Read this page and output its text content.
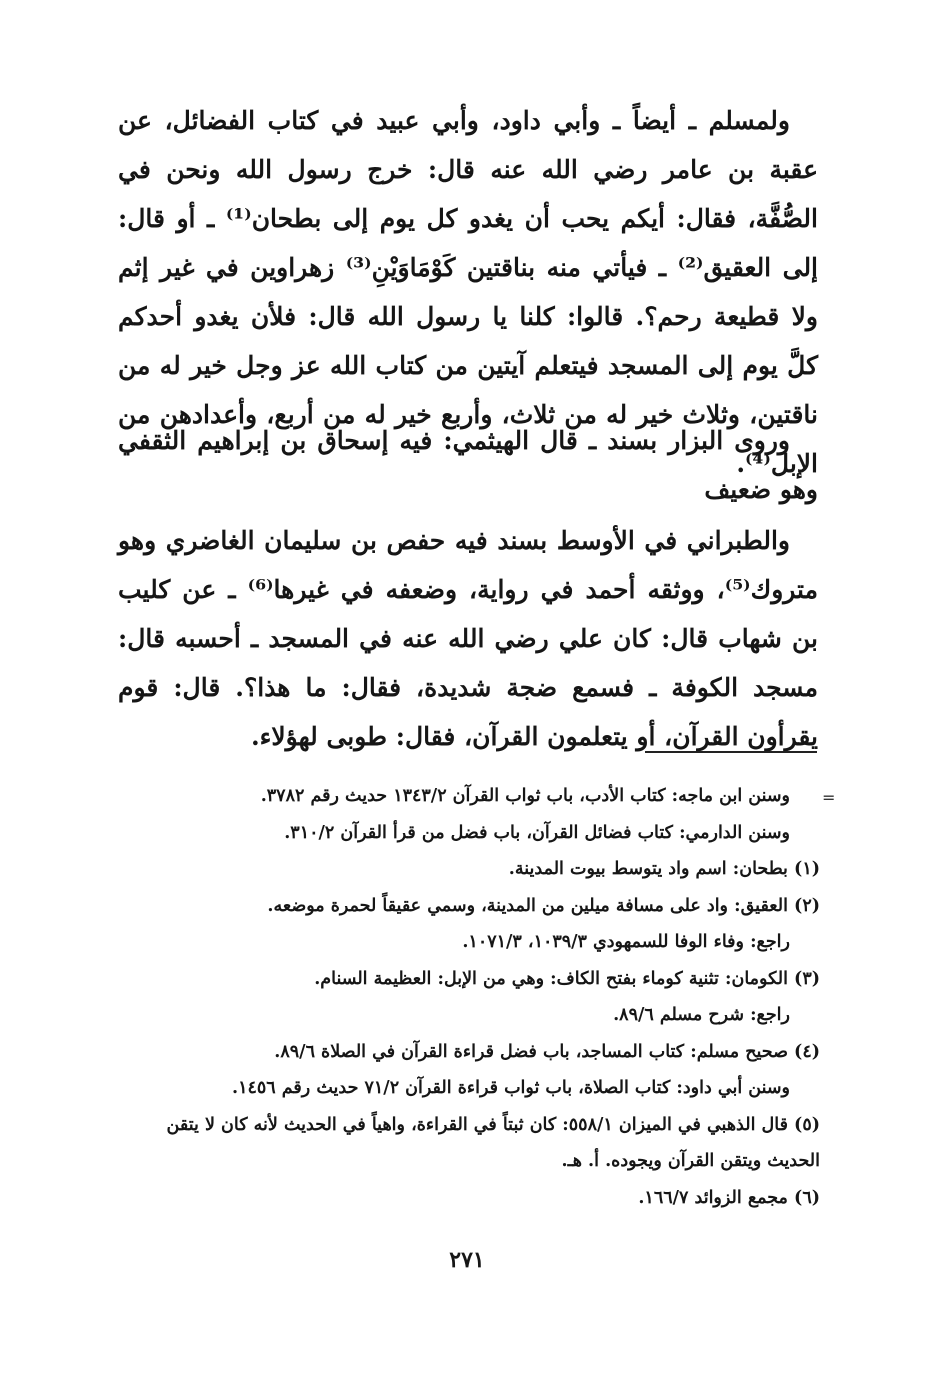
ولمسلم ـ أيضاً ـ وأبي داود، وأبي عبيد في كتاب الفضائل، عن عقبة بن عامر رضي الله عنه قال: خرج رسول الله ونحن في الصُّفَّة، فقال: أيكم يحب أن يغدو كل يوم إلى بطحان⁽¹⁾ ـ أو قال: إلى العقيق⁽²⁾ ـ فيأتي منه بناقتين كَوْمَاوَيْنِ⁽³⁾ زهراوين في غير إثم ولا قطيعة رحم؟. قالوا: كلنا يا رسول الله قال: فلأن يغدو أحدكم كلَّ يوم إلى المسجد فيتعلم آيتين من كتاب الله عز وجل خير له من ناقتين، وثلاث خير له من ثلاث، وأربع خير له من أربع، وأعدادهن من الإبل⁽⁴⁾.

وروى البزار بسند ـ قال الهيثمي: فيه إسحاق بن إبراهيم الثقفي وهو ضعيف

والطبراني في الأوسط بسند فيه حفص بن سليمان الغاضري وهو متروك⁽⁵⁾، ووثقه أحمد في رواية، وضعفه في غيرها⁽⁶⁾ ـ عن كليب بن شهاب قال: كان علي رضي الله عنه في المسجد ـ أحسبه قال: مسجد الكوفة ـ فسمع ضجة شديدة، فقال: ما هذا؟. قال: قوم يقرأون القرآن، أو يتعلمون القرآن، فقال: طوبى لهؤلاء.

=
وسنن ابن ماجه: كتاب الأدب، باب ثواب القرآن ١٣٤٣/٢ حديث رقم ٣٧٨٢.
وسنن الدارمي: كتاب فضائل القرآن، باب فضل من قرأ القرآن ٣١٠/٢.
(١) بطحان: اسم واد يتوسط بيوت المدينة.
(٢) العقيق: واد على مسافة ميلين من المدينة، وسمي عقيقاً لحمرة موضعه.
راجع: وفاء الوفا للسمهودي ١٠٣٩/٣، ١٠٧١/٣.
(٣) الكومان: تثنية كوماء بفتح الكاف: وهي من الإبل: العظيمة السنام.
راجع: شرح مسلم ٨٩/٦.
(٤) صحيح مسلم: كتاب المساجد، باب فضل قراءة القرآن في الصلاة ٨٩/٦.
وسنن أبي داود: كتاب الصلاة، باب ثواب قراءة القرآن ٧١/٢ حديث رقم ١٤٥٦.
(٥) قال الذهبي في الميزان ٥٥٨/١: كان ثبتاً في القراءة، واهياً في الحديث لأنه كان لا يتقن الحديث ويتقن القرآن ويجوده. أ. هـ.
(٦) مجمع الزوائد ١٦٦/٧.
٢٧١
